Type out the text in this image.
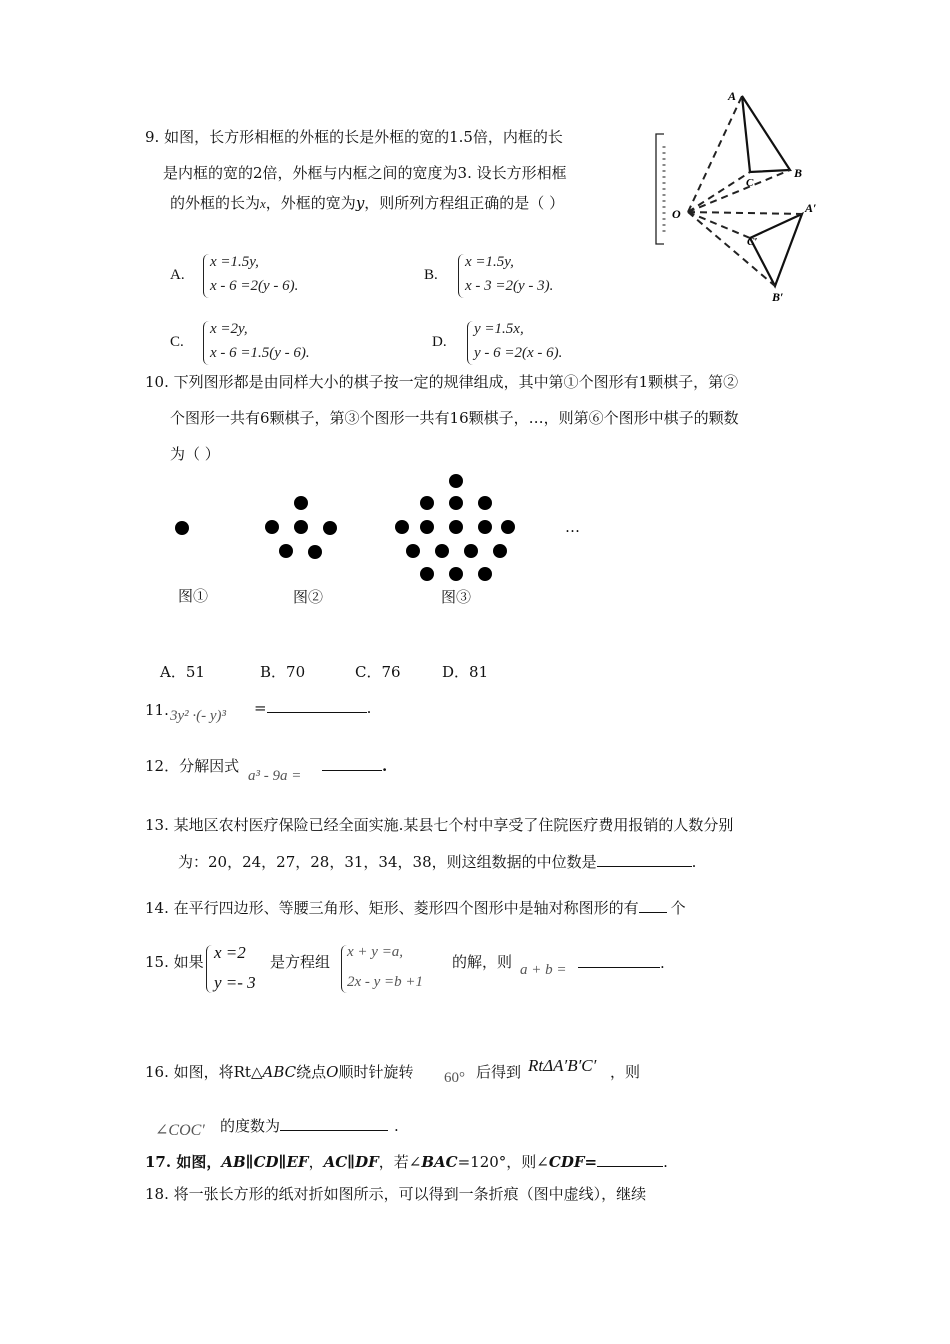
9. 如图，长方形相框的外框的长是外框的宽的1.5倍，内框的长
是内框的宽的2倍，外框与内框之间的宽度为3. 设长方形相框
的外框的长为x，外框的宽为y，则所列方程组正确的是（ ）
A.
x =1.5y,
x - 6 =2(y - 6).
B.
x =1.5y,
x - 3 =2(y - 3).
C.
x =2y,
x - 6 =1.5(y - 6).
D.
y =1.5x,
y - 6 =2(x - 6).
A
B
C
O	A′
B′
C′
10. 下列图形都是由同样大小的棋子按一定的规律组成，其中第①个图形有1颗棋子，第②
个图形一共有6颗棋子，第③个图形一共有16颗棋子，…，则第⑥个图形中棋子的颗数
为（ ）
…
图①	图②	图③
A．51	B．70	C．76	D．81
11. 3y² ·(- y)³ =	.
12．分解因式
a³ - 9a =
.
13. 某地区农村医疗保险已经全面实施.某县七个村中享受了住院医疗费用报销的人数分别
为：20，24，27，28，31，34，38，则这组数据的中位数是	.
14. 在平行四边形、等腰三角形、矩形、菱形四个图形中是轴对称图形的有 个
15. 如果 x =2
y =- 3
是方程组
x + y =a,
2x - y =b +1
的解，则 a + b =	.
16. 如图，将Rt△ABC绕点O顺时针旋转 60° 后得到 RtΔA′B′C′ ，则
∠COC′ 的度数为	.
17. 如图，AB∥CD∥EF，AC∥DF，若∠BAC=120°，则∠CDF=	.
18. 将一张长方形的纸对折如图所示，可以得到一条折痕（图中虚线），继续
